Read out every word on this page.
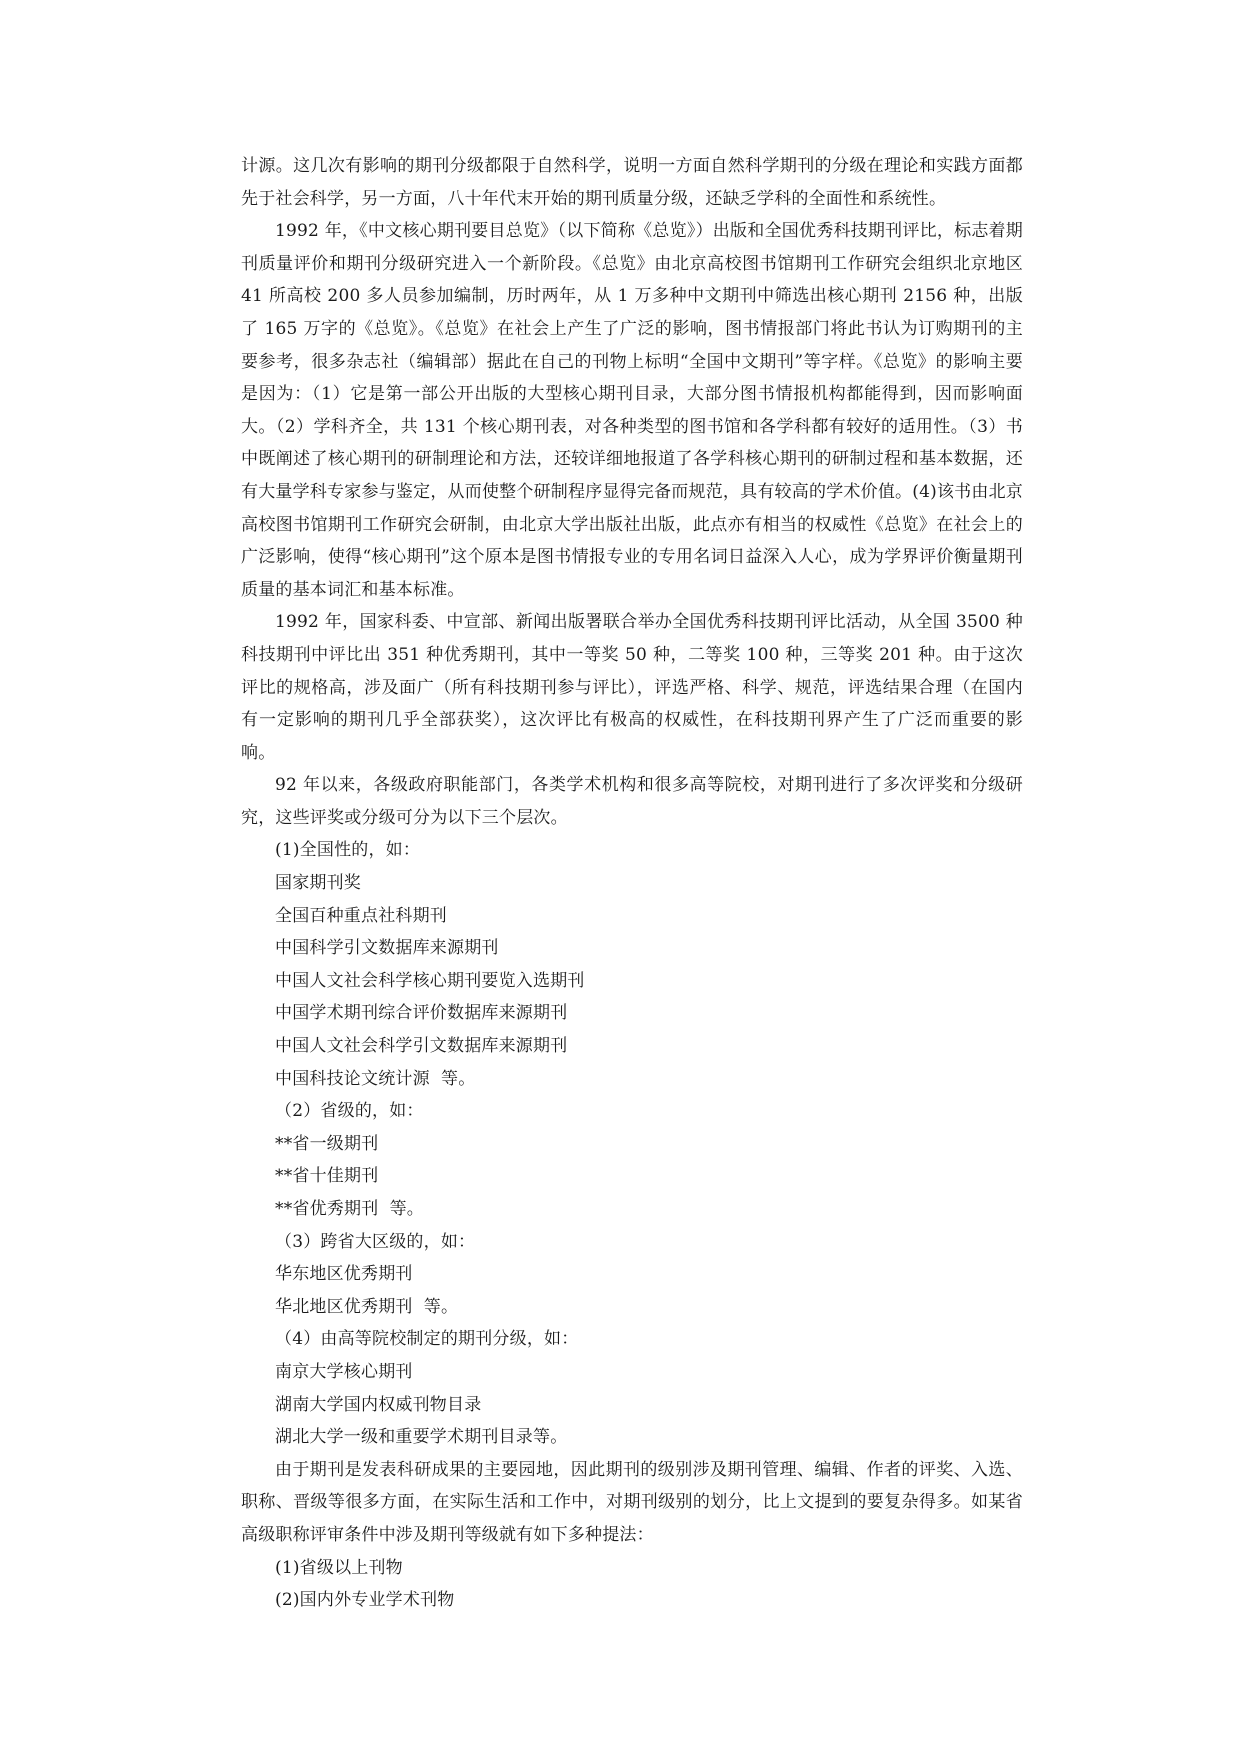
计源。这几次有影响的期刊分级都限于自然科学，说明一方面自然科学期刊的分级在理论和实践方面都先于社会科学，另一方面，八十年代末开始的期刊质量分级，还缺乏学科的全面性和系统性。

1992 年，《中文核心期刊要目总览》（以下简称《总览》）出版和全国优秀科技期刊评比，标志着期刊质量评价和期刊分级研究进入一个新阶段。《总览》由北京高校图书馆期刊工作研究会组织北京地区 41 所高校 200 多人员参加编制，历时两年，从 1 万多种中文期刊中筛选出核心期刊 2156 种，出版了 165 万字的《总览》。《总览》在社会上产生了广泛的影响，图书情报部门将此书认为订购期刊的主要参考，很多杂志社（编辑部）据此在自己的刊物上标明“全国中文期刊”等字样。《总览》的影响主要是因为：（1）它是第一部公开出版的大型核心期刊目录，大部分图书情报机构都能得到，因而影响面大。（2）学科齐全，共 131 个核心期刊表，对各种类型的图书馆和各学科都有较好的适用性。（3）书中既阐述了核心期刊的研制理论和方法，还较详细地报道了各学科核心期刊的研制过程和基本数据，还有大量学科专家参与鉴定，从而使整个研制程序显得完备而规范，具有较高的学术价值。(4)该书由北京高校图书馆期刊工作研究会研制，由北京大学出版社出版，此点亦有相当的权威性《总览》在社会上的广泛影响，使得“核心期刊”这个原本是图书情报专业的专用名词日益深入人心，成为学界评价衡量期刊质量的基本词汇和基本标准。

1992 年，国家科委、中宣部、新闻出版署联合举办全国优秀科技期刊评比活动，从全国 3500 种科技期刊中评比出 351 种优秀期刊，其中一等奖 50 种，二等奖 100 种，三等奖 201 种。由于这次评比的规格高，涉及面广（所有科技期刊参与评比），评选严格、科学、规范，评选结果合理（在国内有一定影响的期刊几乎全部获奖），这次评比有极高的权威性，在科技期刊界产生了广泛而重要的影响。

92 年以来，各级政府职能部门，各类学术机构和很多高等院校，对期刊进行了多次评奖和分级研究，这些评奖或分级可分为以下三个层次。

(1)全国性的，如：
国家期刊奖
全国百种重点社科期刊
中国科学引文数据库来源期刊
中国人文社会科学核心期刊要览入选期刊
中国学术期刊综合评价数据库来源期刊
中国人文社会科学引文数据库来源期刊
中国科技论文统计源  等。
（2）省级的，如：
**省一级期刊
**省十佳期刊
**省优秀期刊  等。
（3）跨省大区级的，如：
华东地区优秀期刊
华北地区优秀期刊  等。
（4）由高等院校制定的期刊分级，如：
南京大学核心期刊
湖南大学国内权威刊物目录
湖北大学一级和重要学术期刊目录等。

由于期刊是发表科研成果的主要园地，因此期刊的级别涉及期刊管理、编辑、作者的评奖、入选、职称、晋级等很多方面，在实际生活和工作中，对期刊级别的划分，比上文提到的要复杂得多。如某省高级职称评审条件中涉及期刊等级就有如下多种提法：

(1)省级以上刊物
(2)国内外专业学术刊物
